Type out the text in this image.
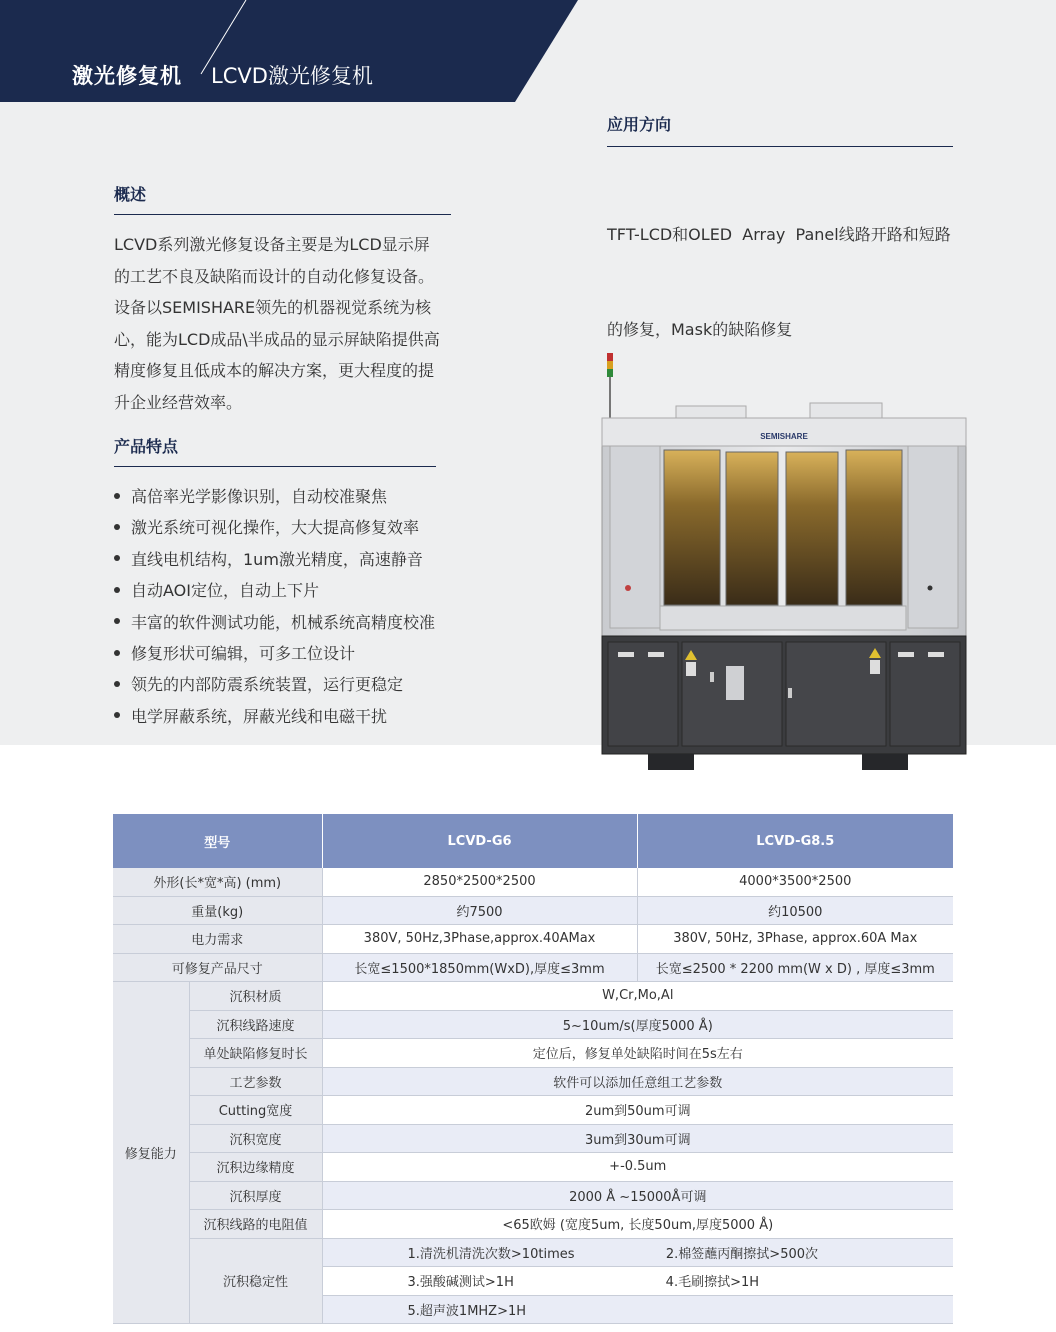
激光修复机 LCVD激光修复机
应用方向

TFT-LCD和OLED  Array  Panel线路开路和短路

的修复，Mask的缺陷修复

概述
LCVD系列激光修复设备主要是为LCD显示屏
的工艺不良及缺陷而设计的自动化修复设备。
设备以SEMISHARE领先的机器视觉系统为核
心，能为LCD成品\半成品的显示屏缺陷提供高
精度修复且低成本的解决方案，更大程度的提
升企业经营效率。
产品特点
高倍率光学影像识别，自动校准聚焦
激光系统可视化操作，大大提高修复效率
直线电机结构，1um激光精度，高速静音
自动AOI定位，自动上下片
丰富的软件测试功能，机械系统高精度校准
修复形状可编辑，可多工位设计
领先的内部防震系统装置，运行更稳定
电学屏蔽系统，屏蔽光线和电磁干扰
SEMISHARE
型号		LCVD-G6	LCVD-G8.5
外形(长*宽*高) (mm)		2850*2500*2500	4000*3500*2500
重量(kg)		约7500	约10500
电力需求		380V, 50Hz,3Phase,approx.40AMax	380V, 50Hz, 3Phase, approx.60A Max
可修复产品尺寸		长宽≤1500*1850mm(WxD),厚度≤3mm	长宽≤2500 * 2200 mm(W x D) , 厚度≤3mm
修复能力	沉积材质	W,Cr,Mo,Al	
	沉积线路速度	5~10um/s(厚度5000 Å)	
	单处缺陷修复时长	定位后，修复单处缺陷时间在5s左右	
	工艺参数	软件可以添加任意组工艺参数	
	Cutting宽度	2um到50um可调	
	沉积宽度	3um到30um可调	
	沉积边缘精度	+-0.5um	
	沉积厚度	2000 Å ~15000Å可调	
	沉积线路的电阻值	<65欧姆 (宽度5um, 长度50um,厚度5000 Å)	
	沉积稳定性	1.清洗机清洗次数>10times 2.棉签蘸丙酮擦拭>500次	

		3.强酸碱测试>1H 4.毛刷擦拭>1H	

		5.超声波1MHZ>1H	
